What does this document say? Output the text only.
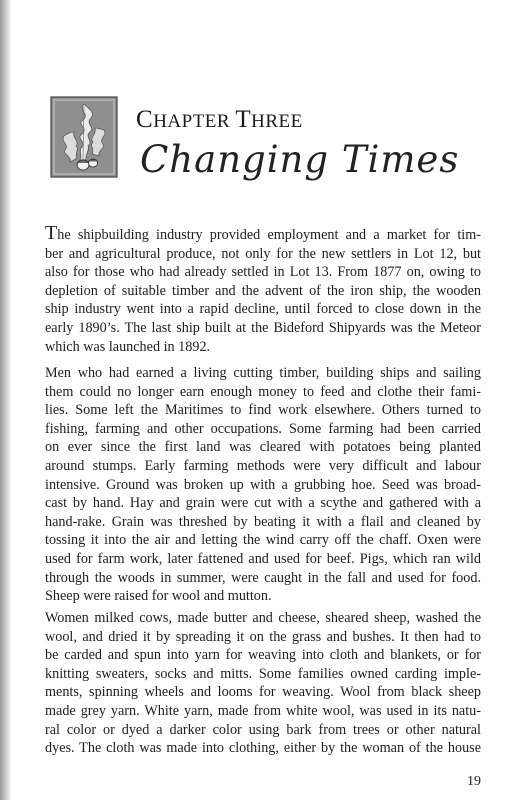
CHAPTER THREE
Changing Times
The shipbuilding industry provided employment and a market for tim-
ber and agricultural produce, not only for the new settlers in Lot 12, but
also for those who had already settled in Lot 13. From 1877 on, owing to
depletion of suitable timber and the advent of the iron ship, the wooden
ship industry went into a rapid decline, until forced to close down in the
early 1890’s. The last ship built at the Bideford Shipyards was the Meteor
which was launched in 1892.
Men who had earned a living cutting timber, building ships and sailing
them could no longer earn enough money to feed and clothe their fami-
lies. Some left the Maritimes to find work elsewhere. Others turned to
fishing, farming and other occupations. Some farming had been carried
on ever since the first land was cleared with potatoes being planted
around stumps. Early farming methods were very difficult and labour
intensive. Ground was broken up with a grubbing hoe. Seed was broad-
cast by hand. Hay and grain were cut with a scythe and gathered with a
hand-rake. Grain was threshed by beating it with a flail and cleaned by
tossing it into the air and letting the wind carry off the chaff. Oxen were
used for farm work, later fattened and used for beef. Pigs, which ran wild
through the woods in summer, were caught in the fall and used for food.
Sheep were raised for wool and mutton.
Women milked cows, made butter and cheese, sheared sheep, washed the
wool, and dried it by spreading it on the grass and bushes. It then had to
be carded and spun into yarn for weaving into cloth and blankets, or for
knitting sweaters, socks and mitts. Some families owned carding imple-
ments, spinning wheels and looms for weaving. Wool from black sheep
made grey yarn. White yarn, made from white wool, was used in its natu-
ral color or dyed a darker color using bark from trees or other natural
dyes. The cloth was made into clothing, either by the woman of the house
19
